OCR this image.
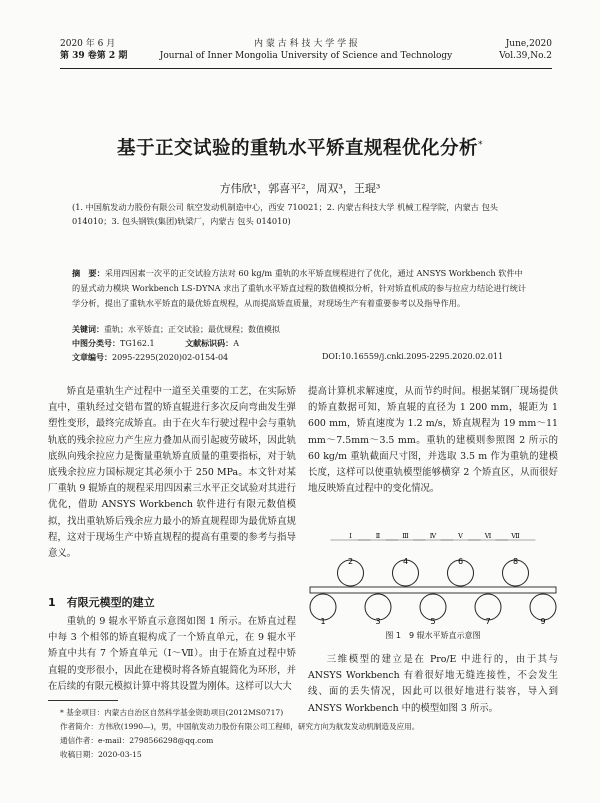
2020 年 6 月
第 39 卷第 2 期
内 蒙 古 科 技 大 学 学 报
Journal of Inner Mongolia University of Science and Technology
June,2020
Vol.39,No.2
基于正交试验的重轨水平矫直规程优化分析*
方伟欣¹，郭喜平²，周双³，王琨³
(1. 中国航发动力股份有限公司 航空发动机制造中心，西安 710021；2. 内蒙古科技大学 机械工程学院，内蒙古 包头 014010；3. 包头钢铁(集团)轨梁厂，内蒙古 包头 014010)
摘　要：采用四因素一次平的正交试验方法对 60 kg/m 重轨的水平矫直规程进行了优化，通过 ANSYS Workbench 软件中的显式动力模块 Workbench LS-DYNA 求出了重轨水平矫直过程的数值模拟分析，针对矫直机成的参与拉应力结论进行统计学分析，提出了重轨水平矫直的最优矫直规程，从而提高矫直质量，对现场生产有着重要参考以及指导作用。
关键词：重轨；水平矫直；正交试验；最优规程；数值模拟
中图分类号：TG162.1	文献标识码：A
文章编号：2095-2295(2020)02-0154-04	DOI:10.16559/j.cnki.2095-2295.2020.02.011

矫直是重轨生产过程中一道至关重要的工艺，在实际矫直中，重轨经过交错布置的矫直辊进行多次反向弯曲发生弹塑性变形，最终完成矫直。由于在火车行驶过程中会与重轨轨底的残余拉应力产生应力叠加从而引起疲劳破坏，因此轨底纵向残余拉应力是衡量重轨矫直质量的重要指标，对于轨底残余拉应力国标规定其必须小于 250 MPa。本文针对某厂重轨 9 辊矫直的规程采用四因素三水平正交试验对其进行优化，借助 ANSYS Workbench 软件进行有限元数值模拟，找出重轨矫后残余应力最小的矫直规程即为最优矫直规程，这对于现场生产中矫直规程的提高有重要的参考与指导意义。

1　有限元模型的建立

重轨的 9 辊水平矫直示意图如图 1 所示。在矫直过程中每 3 个相邻的矫直辊构成了一个矫直单元，在 9 辊水平矫直中共有 7 个矫直单元（Ⅰ～Ⅶ）。由于在矫直过程中矫直辊的变形很小，因此在建模时将各矫直辊简化为环形，并在后续的有限元模拟计算中将其设置为刚体。这样可以大大

提高计算机求解速度，从而节约时间。根据某钢厂现场提供的矫直数据可知，矫直辊的直径为 1 200 mm，辊距为 1 600 mm，矫直速度为 1.2 m/s，矫直规程为 19 mm～11 mm～7.5mm～3.5 mm。重轨的建模则参照图 2 所示的 60 kg/m 重轨截面尺寸图，并选取 3.5 m 作为重轨的建模长度，这样可以使重轨模型能够横穿 2 个矫直区，从而很好地反映矫直过程中的变化情况。

2	4	6	8
1	3	5	7	9
Ⅰ	Ⅱ	Ⅲ	Ⅳ	Ⅴ	Ⅵ	Ⅶ
图 1　9 辊水平矫直示意图

三维模型的建立是在 Pro/E 中进行的，由于其与 ANSYS Workbench 有着很好地无缝连接性，不会发生线、面的丢失情况，因此可以很好地进行装容，导入到 ANSYS Workbench 中的模型如图 3 所示。

* 基金项目：内蒙古自治区自然科学基金资助项目(2012MS0717)
作者简介：方伟欣(1990—)，男，中国航发动力股份有限公司工程师，研究方向为航发发动机制造及应用。
通信作者：e-mail：2798566298@qq.com
收稿日期：2020-03-15
